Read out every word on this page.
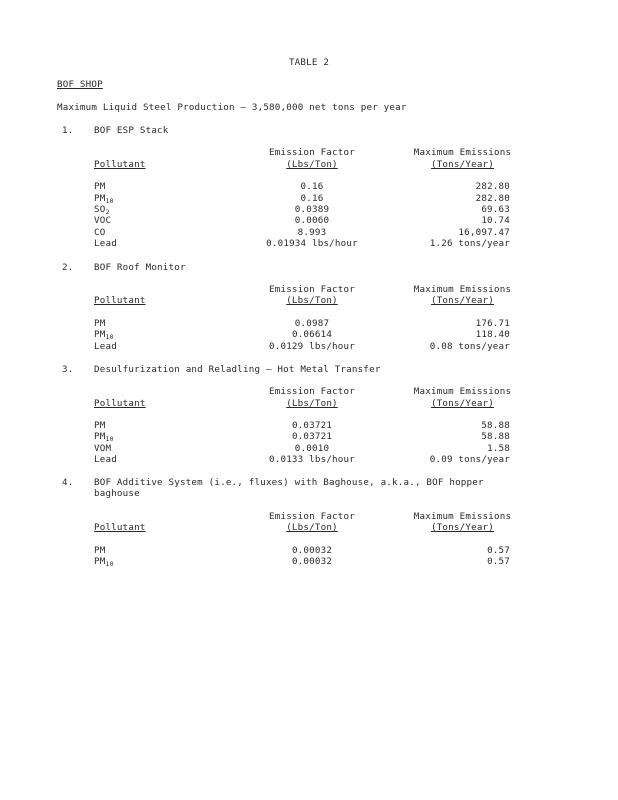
TABLE 2
BOF SHOP
Maximum Liquid Steel Production – 3,580,000 net tons per year
1. BOF ESP Stack
Emission Factor	Maximum Emissions
Pollutant	(Lbs/Ton)	(Tons/Year)
PM	0.16	282.80
$PM_{10}$	0.16	282.80
$SO_2$	0.0389	69.63
VOC	0.0060	10.74
CO	8.993	16,097.47
Lead	0.01934 lbs/hour	1.26 tons/year
2. BOF Roof Monitor
Emission Factor	Maximum Emissions
Pollutant	(Lbs/Ton)	(Tons/Year)
PM	0.0987	176.71
$PM_{10}$	0.06614	118.40
Lead	0.0129 lbs/hour	0.08 tons/year
3. Desulfurization and Reladling – Hot Metal Transfer
Emission Factor	Maximum Emissions
Pollutant	(Lbs/Ton)	(Tons/Year)
PM	0.03721	58.88
$PM_{10}$	0.03721	58.88
VOM	0.0010	1.58
Lead	0.0133 lbs/hour	0.09 tons/year
4. BOF Additive System (i.e., fluxes) with Baghouse, a.k.a., BOF hopper
baghouse
Emission Factor	Maximum Emissions
Pollutant	(Lbs/Ton)	(Tons/Year)
PM	0.00032	0.57
$PM_{10}$	0.00032	0.57
